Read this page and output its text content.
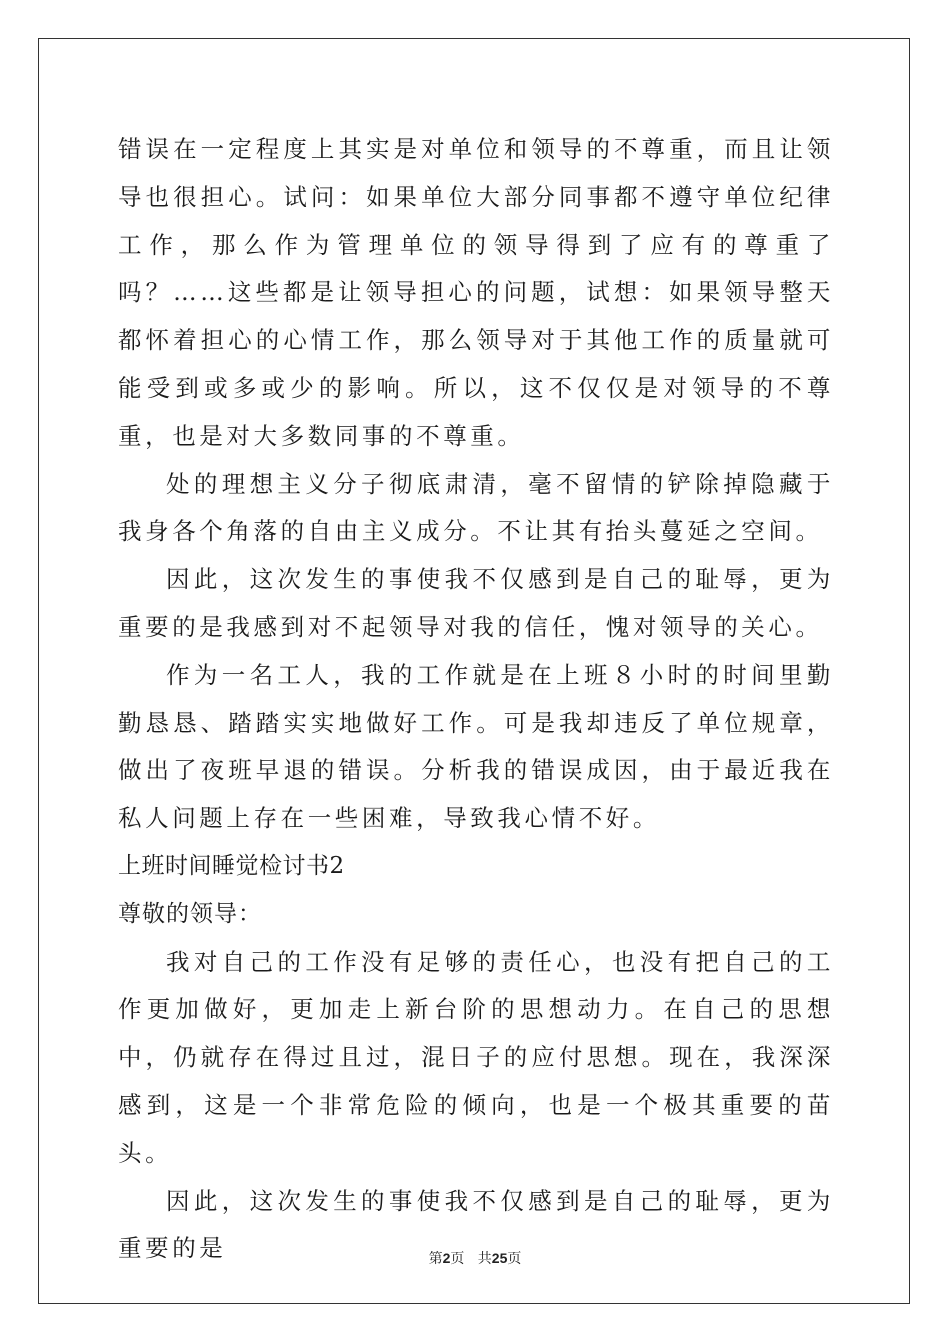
错误在一定程度上其实是对单位和领导的不尊重，而且让领导也很担心。试问：如果单位大部分同事都不遵守单位纪律工作，那么作为管理单位的领导得到了应有的尊重了吗？……这些都是让领导担心的问题，试想：如果领导整天都怀着担心的心情工作，那么领导对于其他工作的质量就可能受到或多或少的影响。所以，这不仅仅是对领导的不尊重，也是对大多数同事的不尊重。

处的理想主义分子彻底肃清，毫不留情的铲除掉隐藏于我身各个角落的自由主义成分。不让其有抬头蔓延之空间。

因此，这次发生的事使我不仅感到是自己的耻辱，更为重要的是我感到对不起领导对我的信任，愧对领导的关心。

作为一名工人，我的工作就是在上班８小时的时间里勤勤恳恳、踏踏实实地做好工作。可是我却违反了单位规章，做出了夜班早退的错误。分析我的错误成因，由于最近我在私人问题上存在一些困难，导致我心情不好。

上班时间睡觉检讨书2

尊敬的领导：

我对自己的工作没有足够的责任心，也没有把自己的工作更加做好，更加走上新台阶的思想动力。在自己的思想中，仍就存在得过且过，混日子的应付思想。现在，我深深感到，这是一个非常危险的倾向，也是一个极其重要的苗头。

因此，这次发生的事使我不仅感到是自己的耻辱，更为重要的是	第2页 共25页
